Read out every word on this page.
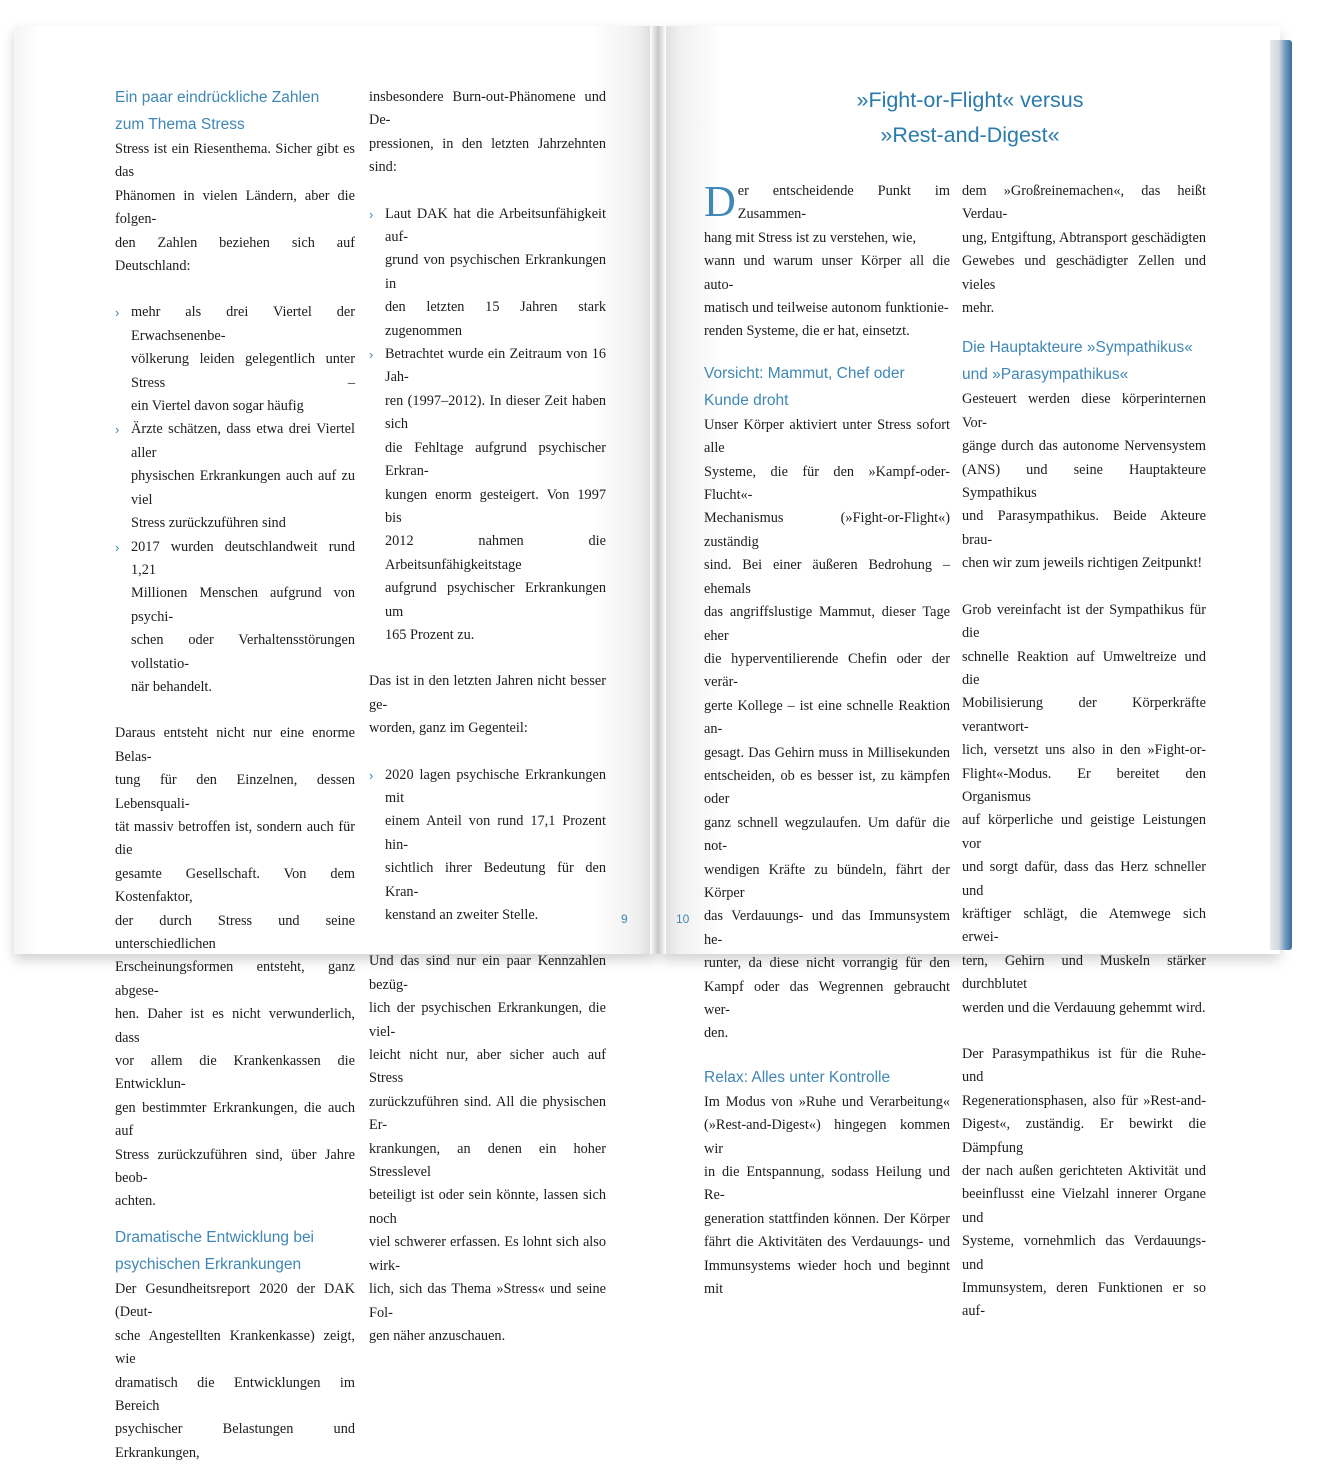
Ein paar eindrückliche Zahlen
zum Thema Stress

Stress ist ein Riesenthema. Sicher gibt es das
Phänomen in vielen Ländern, aber die folgen-
den Zahlen beziehen sich auf Deutschland:

› mehr als drei Viertel der Erwachsenenbe-
völkerung leiden gelegentlich unter Stress –
ein Viertel davon sogar häufig
› Ärzte schätzen, dass etwa drei Viertel aller
physischen Erkrankungen auch auf zu viel
Stress zurückzuführen sind
› 2017 wurden deutschlandweit rund 1,21
Millionen Menschen aufgrund von psychi-
schen oder Verhaltensstörungen vollstatio-
när behandelt.

Daraus entsteht nicht nur eine enorme Belas-
tung für den Einzelnen, dessen Lebensquali-
tät massiv betroffen ist, sondern auch für die
gesamte Gesellschaft. Von dem Kostenfaktor,
der durch Stress und seine unterschiedlichen
Erscheinungsformen entsteht, ganz abgese-
hen. Daher ist es nicht verwunderlich, dass
vor allem die Krankenkassen die Entwicklun-
gen bestimmter Erkrankungen, die auch auf
Stress zurückzuführen sind, über Jahre beob-
achten.

Dramatische Entwicklung bei
psychischen Erkrankungen

Der Gesundheitsreport 2020 der DAK (Deut-
sche Angestellten Krankenkasse) zeigt, wie
dramatisch die Entwicklungen im Bereich
psychischer Belastungen und Erkrankungen,

insbesondere Burn-out-Phänomene und De-
pressionen, in den letzten Jahrzehnten sind:

› Laut DAK hat die Arbeitsunfähigkeit auf-
grund von psychischen Erkrankungen in
den letzten 15 Jahren stark zugenommen
› Betrachtet wurde ein Zeitraum von 16 Jah-
ren (1997–2012). In dieser Zeit haben sich
die Fehltage aufgrund psychischer Erkran-
kungen enorm gesteigert. Von 1997 bis
2012 nahmen die Arbeitsunfähigkeitstage
aufgrund psychischer Erkrankungen um
165 Prozent zu.

Das ist in den letzten Jahren nicht besser ge-
worden, ganz im Gegenteil:

› 2020 lagen psychische Erkrankungen mit
einem Anteil von rund 17,1 Prozent hin-
sichtlich ihrer Bedeutung für den Kran-
kenstand an zweiter Stelle.

Und das sind nur ein paar Kennzahlen bezüg-
lich der psychischen Erkrankungen, die viel-
leicht nicht nur, aber sicher auch auf Stress
zurückzuführen sind. All die physischen Er-
krankungen, an denen ein hoher Stresslevel
beteiligt ist oder sein könnte, lassen sich noch
viel schwerer erfassen. Es lohnt sich also wirk-
lich, sich das Thema »Stress« und seine Fol-
gen näher anzuschauen.

9
»Fight-or-Flight« versus
»Rest-and-Digest«

Der entscheidende Punkt im Zusammen-
hang mit Stress ist zu verstehen, wie,
wann und warum unser Körper all die auto-
matisch und teilweise autonom funktionie-
renden Systeme, die er hat, einsetzt.

Vorsicht: Mammut, Chef oder
Kunde droht

Unser Körper aktiviert unter Stress sofort alle
Systeme, die für den »Kampf-oder-Flucht«-
Mechanismus (»Fight-or-Flight«) zuständig
sind. Bei einer äußeren Bedrohung – ehemals
das angriffslustige Mammut, dieser Tage eher
die hyperventilierende Chefin oder der verär-
gerte Kollege – ist eine schnelle Reaktion an-
gesagt. Das Gehirn muss in Millisekunden
entscheiden, ob es besser ist, zu kämpfen oder
ganz schnell wegzulaufen. Um dafür die not-
wendigen Kräfte zu bündeln, fährt der Körper
das Verdauungs- und das Immunsystem he-
runter, da diese nicht vorrangig für den
Kampf oder das Wegrennen gebraucht wer-
den.

Relax: Alles unter Kontrolle

Im Modus von »Ruhe und Verarbeitung«
(»Rest-and-Digest«) hingegen kommen wir
in die Entspannung, sodass Heilung und Re-
generation stattfinden können. Der Körper
fährt die Aktivitäten des Verdauungs- und
Immunsystems wieder hoch und beginnt mit

dem »Großreinemachen«, das heißt Verdau-
ung, Entgiftung, Abtransport geschädigten
Gewebes und geschädigter Zellen und vieles
mehr.

Die Hauptakteure »Sympathikus«
und »Parasympathikus«

Gesteuert werden diese körperinternen Vor-
gänge durch das autonome Nervensystem
(ANS) und seine Hauptakteure Sympathikus
und Parasympathikus. Beide Akteure brau-
chen wir zum jeweils richtigen Zeitpunkt!

Grob vereinfacht ist der Sympathikus für die
schnelle Reaktion auf Umweltreize und die
Mobilisierung der Körperkräfte verantwort-
lich, versetzt uns also in den »Fight-or-
Flight«-Modus. Er bereitet den Organismus
auf körperliche und geistige Leistungen vor
und sorgt dafür, dass das Herz schneller und
kräftiger schlägt, die Atemwege sich erwei-
tern, Gehirn und Muskeln stärker durchblutet
werden und die Verdauung gehemmt wird.

Der Parasympathikus ist für die Ruhe- und
Regenerationsphasen, also für »Rest-and-
Digest«, zuständig. Er bewirkt die Dämpfung
der nach außen gerichteten Aktivität und
beeinflusst eine Vielzahl innerer Organe und
Systeme, vornehmlich das Verdauungs- und
Immunsystem, deren Funktionen er so auf-

10
